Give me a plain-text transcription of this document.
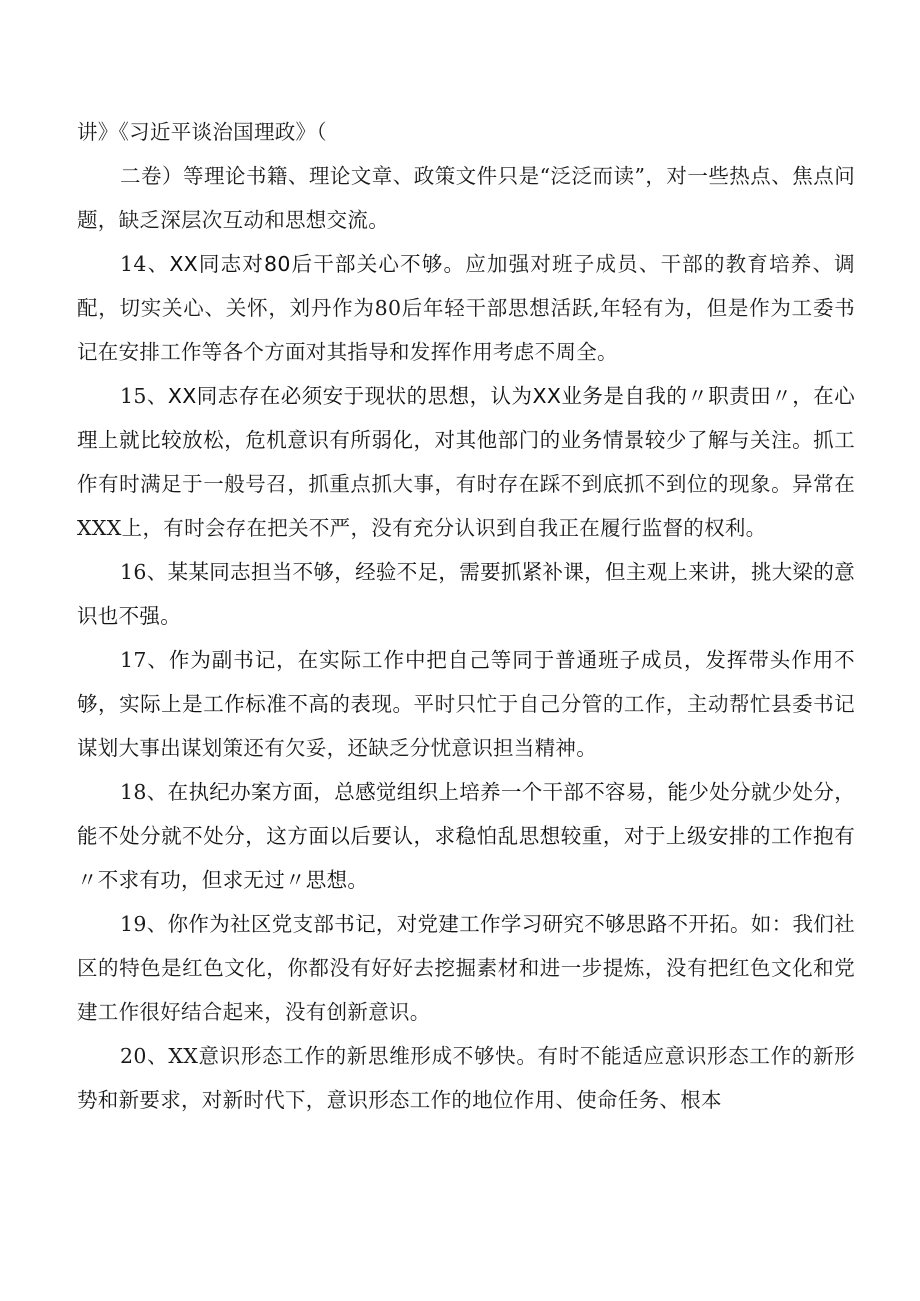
讲》《习近平谈治国理政》（

二卷）等理论书籍、理论文章、政策文件只是“泛泛而读”，对一些热点、焦点问题，缺乏深层次互动和思想交流。

14、XX同志对80后干部关心不够。应加强对班子成员、干部的教育培养、调配，切实关心、关怀，刘丹作为80后年轻干部思想活跃,年轻有为，但是作为工委书记在安排工作等各个方面对其指导和发挥作用考虑不周全。

15、XX同志存在必须安于现状的思想，认为XX业务是自我的〃职责田〃，在心理上就比较放松，危机意识有所弱化，对其他部门的业务情景较少了解与关注。抓工作有时满足于一般号召，抓重点抓大事，有时存在踩不到底抓不到位的现象。异常在XXX上，有时会存在把关不严，没有充分认识到自我正在履行监督的权利。

16、某某同志担当不够，经验不足，需要抓紧补课，但主观上来讲，挑大梁的意识也不强。

17、作为副书记，在实际工作中把自己等同于普通班子成员，发挥带头作用不够，实际上是工作标准不高的表现。平时只忙于自己分管的工作，主动帮忙县委书记谋划大事出谋划策还有欠妥，还缺乏分忧意识担当精神。

18、在执纪办案方面，总感觉组织上培养一个干部不容易，能少处分就少处分，能不处分就不处分，这方面以后要认，求稳怕乱思想较重，对于上级安排的工作抱有〃不求有功，但求无过〃思想。

19、你作为社区党支部书记，对党建工作学习研究不够思路不开拓。如：我们社区的特色是红色文化，你都没有好好去挖掘素材和进一步提炼，没有把红色文化和党建工作很好结合起来，没有创新意识。

20、XX意识形态工作的新思维形成不够快。有时不能适应意识形态工作的新形势和新要求，对新时代下，意识形态工作的地位作用、使命任务、根本
